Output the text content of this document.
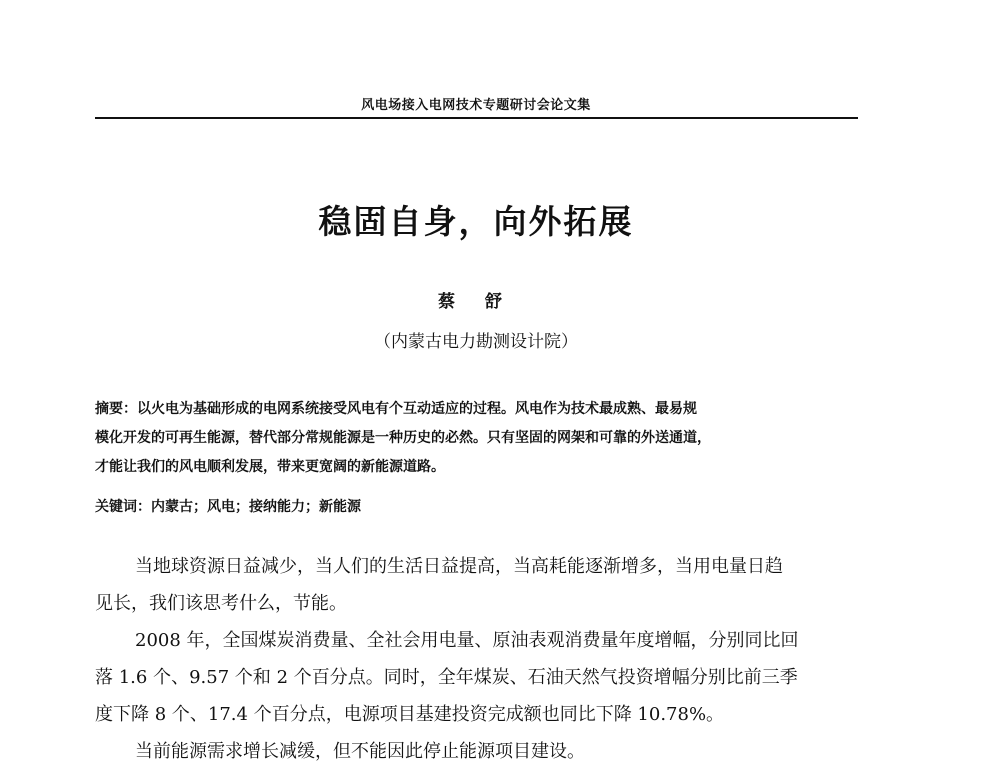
风电场接入电网技术专题研讨会论文集
稳固自身，向外拓展
蔡 舒
（内蒙古电力勘测设计院）
摘要：以火电为基础形成的电网系统接受风电有个互动适应的过程。风电作为技术最成熟、最易规
模化开发的可再生能源，替代部分常规能源是一种历史的必然。只有坚固的网架和可靠的外送通道，
才能让我们的风电顺利发展，带来更宽阔的新能源道路。
关键词：内蒙古；风电；接纳能力；新能源
当地球资源日益减少，当人们的生活日益提高，当高耗能逐渐增多，当用电量日趋
见长，我们该思考什么，节能。
2008 年，全国煤炭消费量、全社会用电量、原油表观消费量年度增幅，分别同比回
落 1.6 个、9.57 个和 2 个百分点。同时，全年煤炭、石油天然气投资增幅分别比前三季
度下降 8 个、17.4 个百分点，电源项目基建投资完成额也同比下降 10.78%。
当前能源需求增长减缓，但不能因此停止能源项目建设。
